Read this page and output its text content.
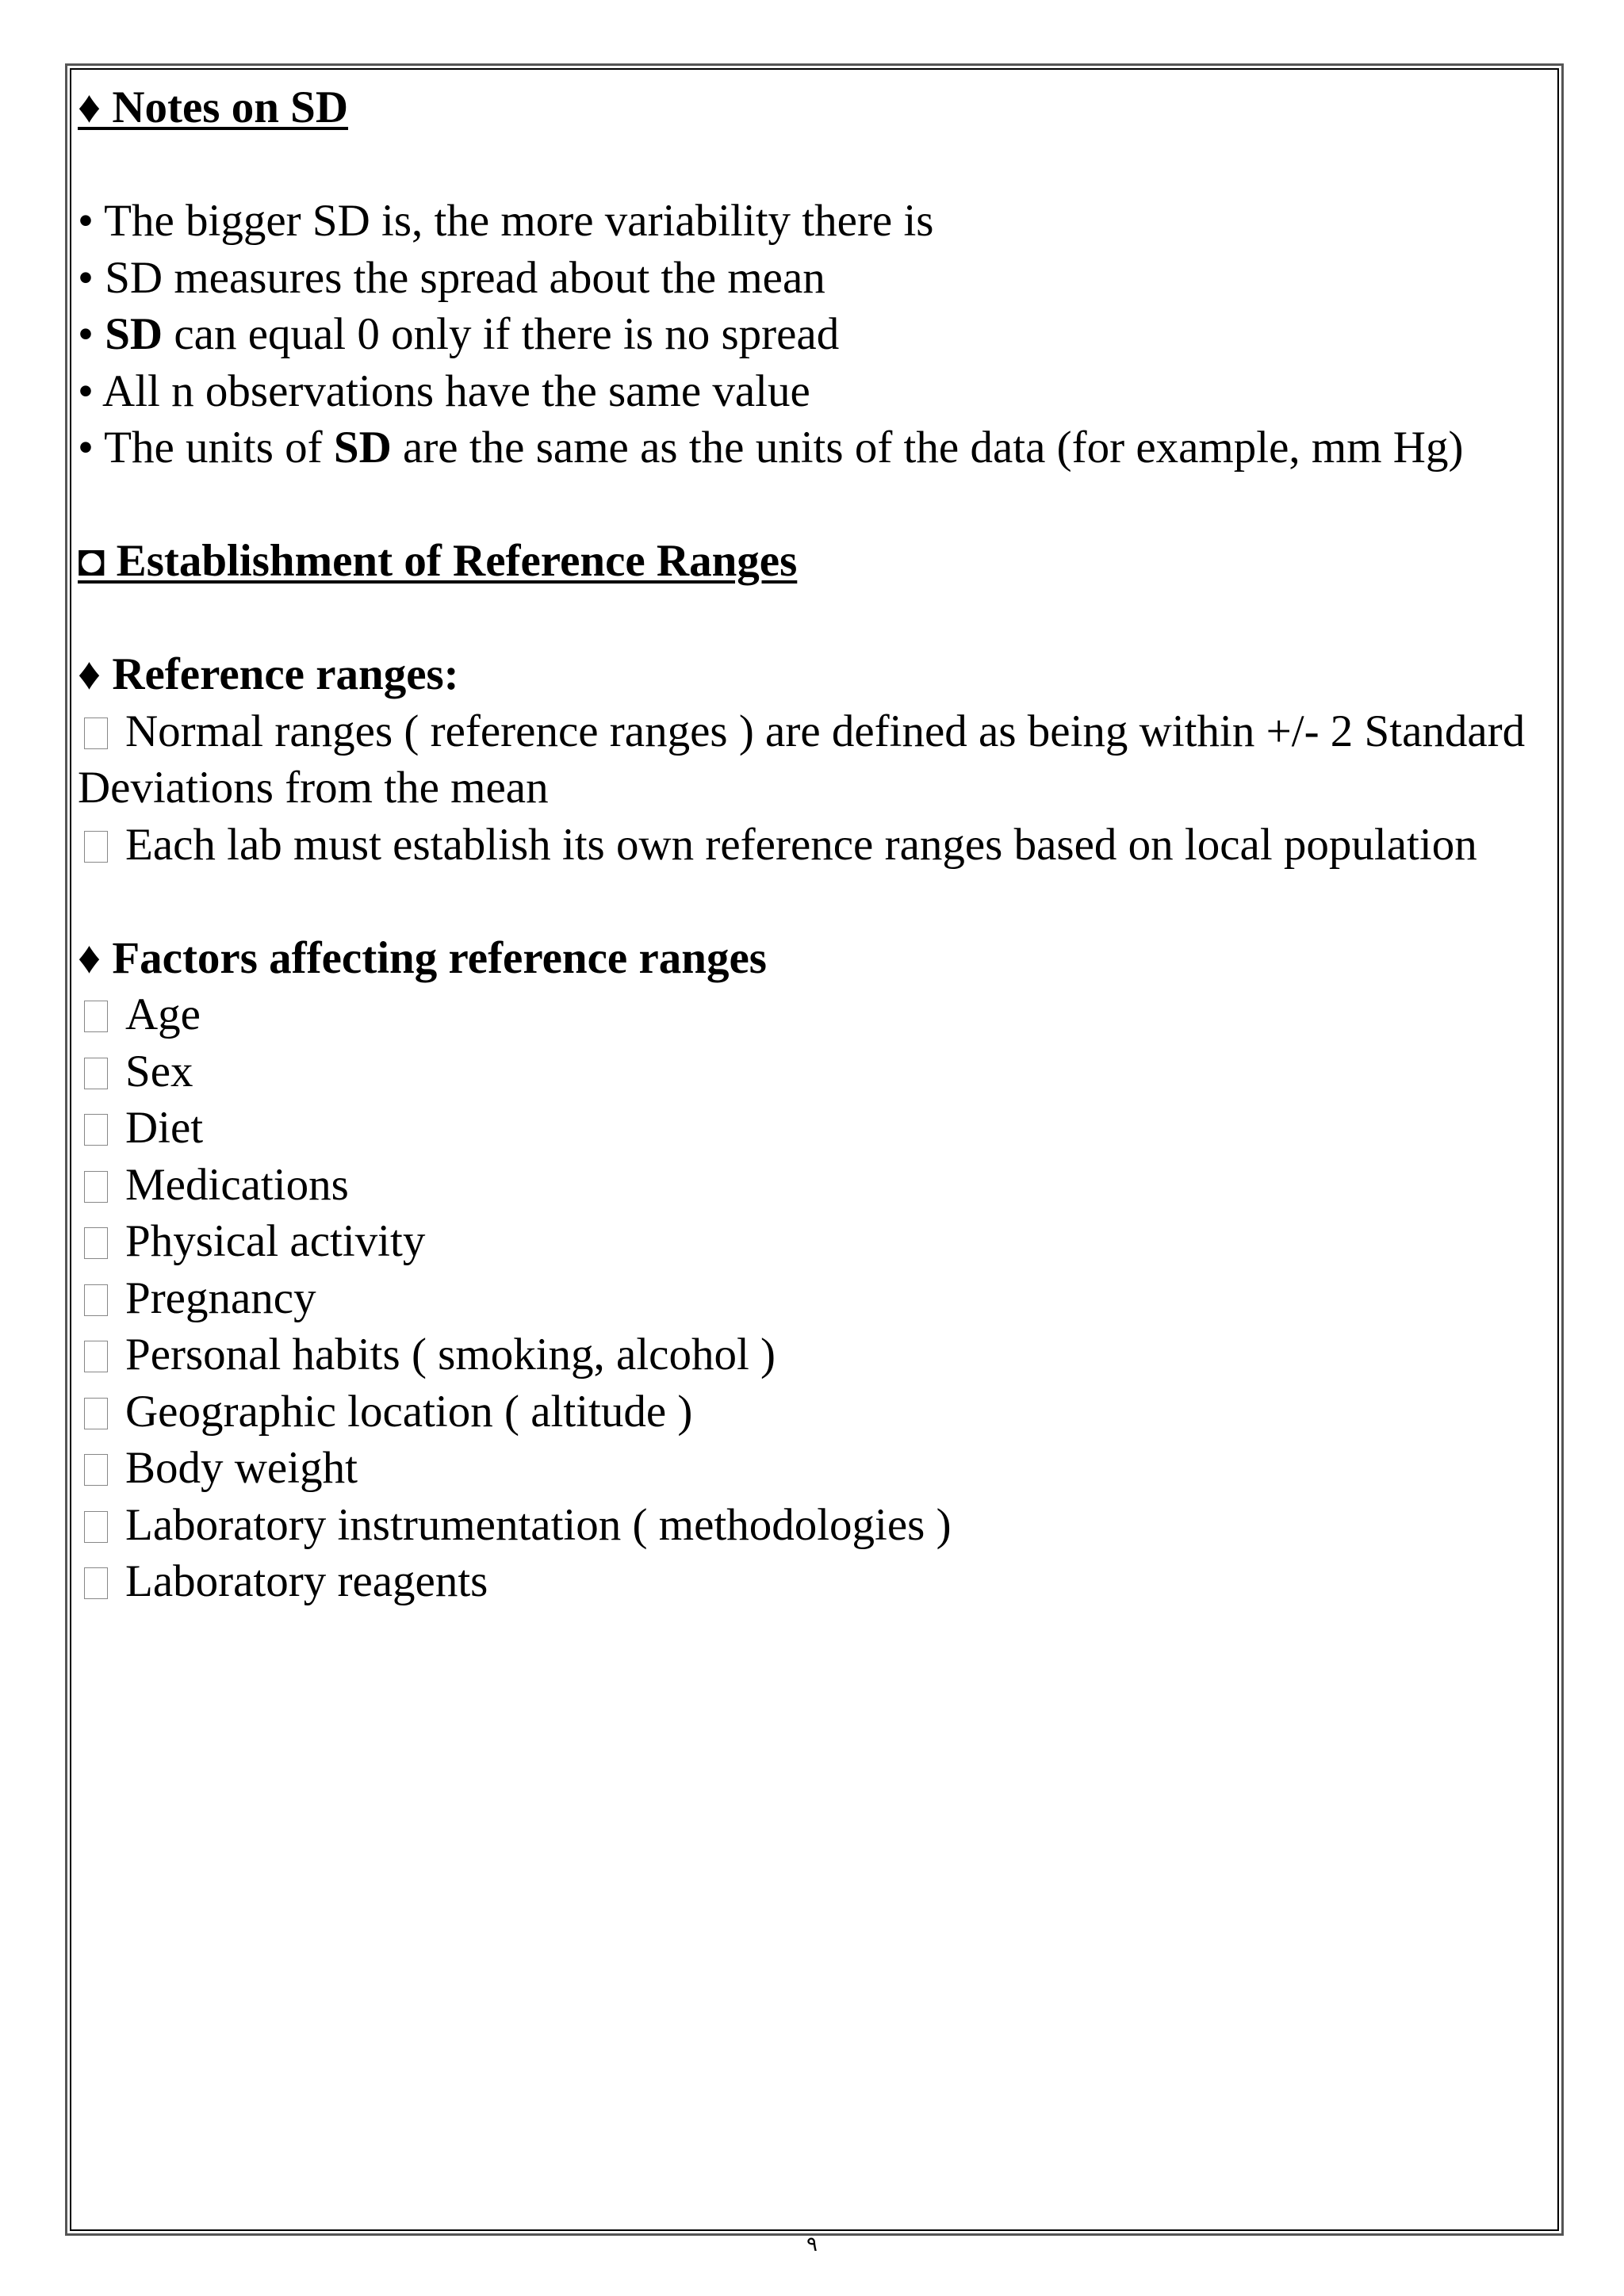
♦ Notes on SD
• The bigger SD is, the more variability there is
• SD measures the spread about the mean
• SD can equal 0 only if there is no spread
• All n observations have the same value
• The units of SD are the same as the units of the data (for example, mm Hg)
◘ Establishment of Reference Ranges
♦ Reference ranges:
Normal ranges ( reference ranges ) are defined as being within +/- 2 Standard Deviations from the mean
Each lab must establish its own reference ranges based on local population
♦ Factors affecting reference ranges
Age
Sex
Diet
Medications
Physical activity
Pregnancy
Personal habits ( smoking, alcohol )
Geographic location ( altitude )
Body weight
Laboratory instrumentation ( methodologies )
Laboratory reagents
٩
